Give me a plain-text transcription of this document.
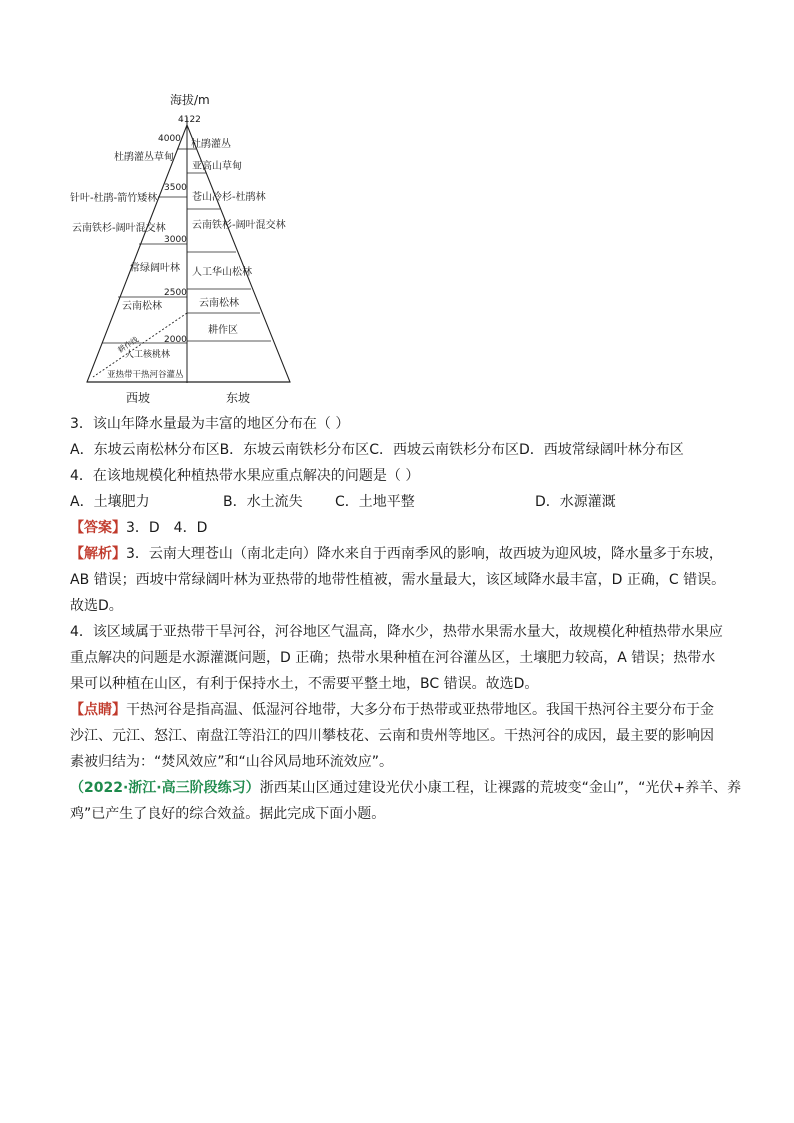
海拔/m
4122
4000
3500
3000
2500
2000
杜鹃灌丛草甸
针叶-杜鹃-箭竹矮林
云南铁杉-阔叶混交林
常绿阔叶林
云南松林
耕作线
人工核桃林
亚热带干热河谷灌丛
杜鹃灌丛
亚高山草甸
苍山冷杉-杜鹃林
云南铁杉-阔叶混交林
人工华山松林
云南松林
耕作区
西坡	东坡

3．该山年降水量最为丰富的地区分布在（ ）

A．东坡云南松林分布区B．东坡云南铁杉分布区C．西坡云南铁杉分布区D．西坡常绿阔叶林分布区

4．在该地规模化种植热带水果应重点解决的问题是（ ）

A．土壤肥力	B．水土流失 C．土地平整	D．水源灌溉

【答案】3．D　4．D

【解析】3．云南大理苍山（南北走向）降水来自于西南季风的影响，故西坡为迎风坡，降水量多于东坡，

AB 错误；西坡中常绿阔叶林为亚热带的地带性植被，需水量最大，该区域降水最丰富，D 正确，C 错误。

故选D。

4．该区域属于亚热带干旱河谷，河谷地区气温高，降水少，热带水果需水量大，故规模化种植热带水果应

重点解决的问题是水源灌溉问题，D 正确；热带水果种植在河谷灌丛区，土壤肥力较高，A 错误；热带水

果可以种植在山区，有利于保持水土，不需要平整土地，BC 错误。故选D。

【点睛】干热河谷是指高温、低湿河谷地带，大多分布于热带或亚热带地区。我国干热河谷主要分布于金

沙江、元江、怒江、南盘江等沿江的四川攀枝花、云南和贵州等地区。干热河谷的成因，最主要的影响因

素被归结为：“焚风效应”和“山谷风局地环流效应”。

（2022·浙江·高三阶段练习）浙西某山区通过建设光伏小康工程，让裸露的荒坡变“金山”，“光伏+养羊、养

鸡”已产生了良好的综合效益。据此完成下面小题。
